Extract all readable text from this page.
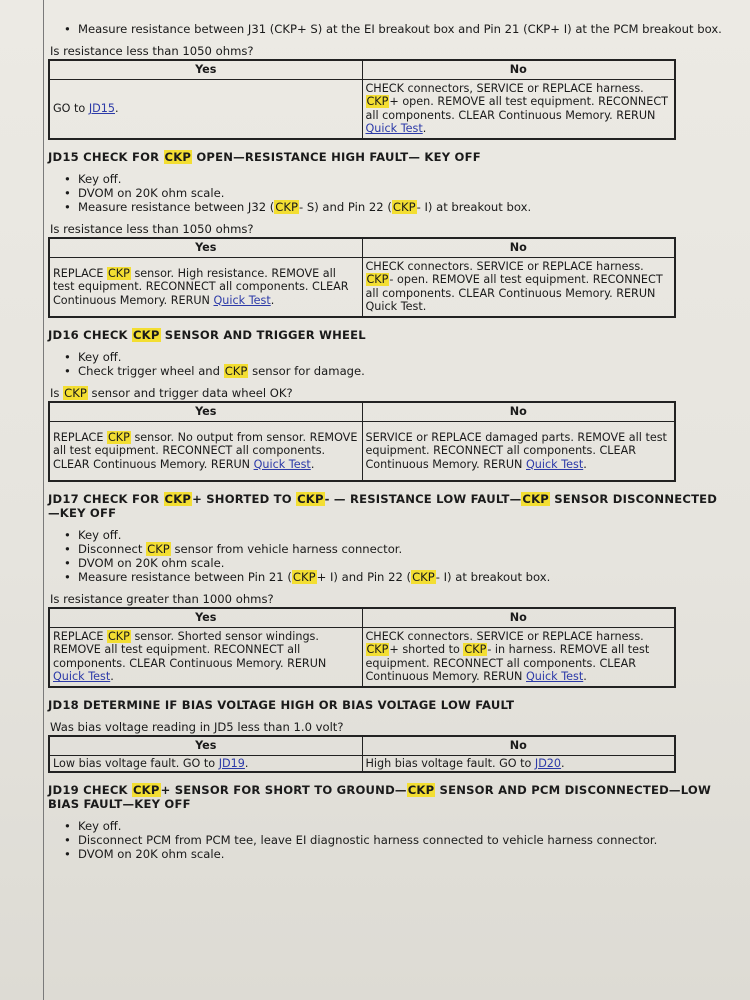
• Measure resistance between J31 (CKP+ S) at the EI breakout box and Pin 21 (CKP+ I) at the PCM breakout box.
Is resistance less than 1050 ohms?
Yes	No
GO to JD15.	CHECK connectors, SERVICE or REPLACE harness. CKP+ open. REMOVE all test equipment. RECONNECT all components. CLEAR Continuous Memory. RERUN Quick Test.
JD15 CHECK FOR CKP OPEN—RESISTANCE HIGH FAULT— KEY OFF
• Key off.
• DVOM on 20K ohm scale.
• Measure resistance between J32 (CKP- S) and Pin 22 (CKP- I) at breakout box.
Is resistance less than 1050 ohms?
Yes	No
REPLACE CKP sensor. High resistance. REMOVE all test equipment. RECONNECT all components. CLEAR Continuous Memory. RERUN Quick Test.	CHECK connectors. SERVICE or REPLACE harness. CKP- open. REMOVE all test equipment. RECONNECT all components. CLEAR Continuous Memory. RERUN Quick Test.
JD16 CHECK CKP SENSOR AND TRIGGER WHEEL
• Key off.
• Check trigger wheel and CKP sensor for damage.
Is CKP sensor and trigger data wheel OK?
Yes	No
REPLACE CKP sensor. No output from sensor. REMOVE all test equipment. RECONNECT all components. CLEAR Continuous Memory. RERUN Quick Test.	SERVICE or REPLACE damaged parts. REMOVE all test equipment. RECONNECT all components. CLEAR Continuous Memory. RERUN Quick Test.
JD17 CHECK FOR CKP+ SHORTED TO CKP- — RESISTANCE LOW FAULT—CKP SENSOR DISCONNECTED—KEY OFF
• Key off.
• Disconnect CKP sensor from vehicle harness connector.
• DVOM on 20K ohm scale.
• Measure resistance between Pin 21 (CKP+ I) and Pin 22 (CKP- I) at breakout box.
Is resistance greater than 1000 ohms?
Yes	No
REPLACE CKP sensor. Shorted sensor windings. REMOVE all test equipment. RECONNECT all components. CLEAR Continuous Memory. RERUN Quick Test.	CHECK connectors. SERVICE or REPLACE harness. CKP+ shorted to CKP- in harness. REMOVE all test equipment. RECONNECT all components. CLEAR Continuous Memory. RERUN Quick Test.
JD18 DETERMINE IF BIAS VOLTAGE HIGH OR BIAS VOLTAGE LOW FAULT
Was bias voltage reading in JD5 less than 1.0 volt?
Yes	No
Low bias voltage fault. GO to JD19.	High bias voltage fault. GO to JD20.
JD19 CHECK CKP+ SENSOR FOR SHORT TO GROUND—CKP SENSOR AND PCM DISCONNECTED—LOW BIAS FAULT—KEY OFF
• Key off.
• Disconnect PCM from PCM tee, leave EI diagnostic harness connected to vehicle harness connector.
• DVOM on 20K ohm scale.
